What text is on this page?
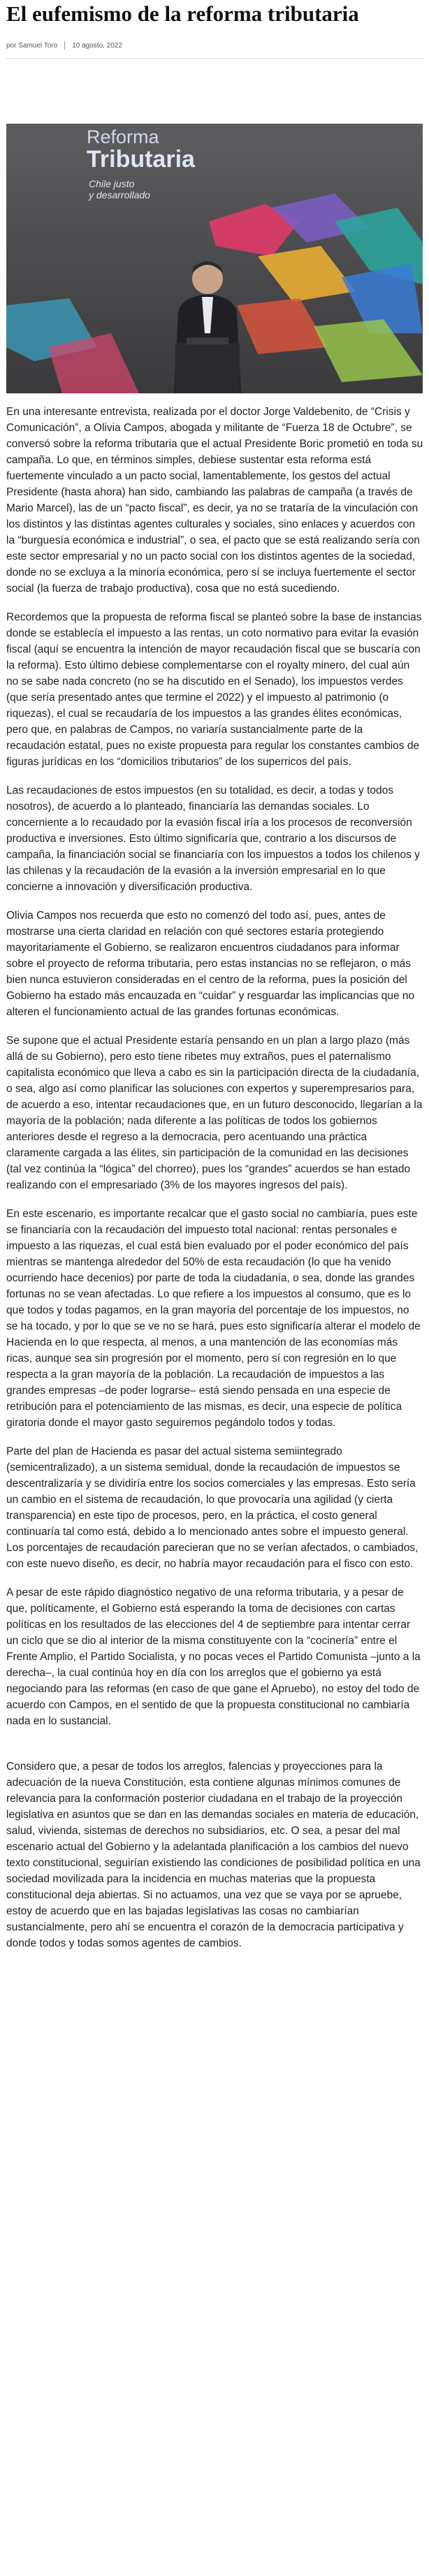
El eufemismo de la reforma tributaria
por Samuel Toro 10 agosto, 2022
Reforma
Tributaria
Chile justo
y desarrollado

En una interesante entrevista, realizada por el doctor Jorge Valdebenito, de “Crisis y Comunicación”, a Olivia Campos, abogada y militante de “Fuerza 18 de Octubre”, se conversó sobre la reforma tributaria que el actual Presidente Boric prometió en toda su campaña. Lo que, en términos simples, debiese sustentar esta reforma está fuertemente vinculado a un pacto social, lamentablemente, los gestos del actual Presidente (hasta ahora) han sido, cambiando las palabras de campaña (a través de Mario Marcel), las de un “pacto fiscal”, es decir, ya no se trataría de la vinculación con los distintos y las distintas agentes culturales y sociales, sino enlaces y acuerdos con la “burguesía económica e industrial”, o sea, el pacto que se está realizando sería con este sector empresarial y no un pacto social con los distintos agentes de la sociedad, donde no se excluya a la minoría económica, pero sí se incluya fuertemente el sector social (la fuerza de trabajo productiva), cosa que no está sucediendo.

Recordemos que la propuesta de reforma fiscal se planteó sobre la base de instancias donde se establecía el impuesto a las rentas, un coto normativo para evitar la evasión fiscal (aquí se encuentra la intención de mayor recaudación fiscal que se buscaría con la reforma). Esto último debiese complementarse con el royalty minero, del cual aún no se sabe nada concreto (no se ha discutido en el Senado), los impuestos verdes (que sería presentado antes que termine el 2022) y el impuesto al patrimonio (o riquezas), el cual se recaudaría de los impuestos a las grandes élites económicas, pero que, en palabras de Campos, no variaría sustancialmente parte de la recaudación estatal, pues no existe propuesta para regular los constantes cambios de figuras jurídicas en los “domicilios tributarios” de los superricos del país.

Las recaudaciones de estos impuestos (en su totalidad, es decir, a todas y todos nosotros), de acuerdo a lo planteado, financiaría las demandas sociales. Lo concerniente a lo recaudado por la evasión fiscal iría a los procesos de reconversión productiva e inversiones. Esto último significaría que, contrario a los discursos de campaña, la financiación social se financiaría con los impuestos a todos los chilenos y las chilenas y la recaudación de la evasión a la inversión empresarial en lo que concierne a innovación y diversificación productiva.

Olivia Campos nos recuerda que esto no comenzó del todo así, pues, antes de mostrarse una cierta claridad en relación con qué sectores estaría protegiendo mayoritariamente el Gobierno, se realizaron encuentros ciudadanos para informar sobre el proyecto de reforma tributaria, pero estas instancias no se reflejaron, o más bien nunca estuvieron consideradas en el centro de la reforma, pues la posición del Gobierno ha estado más encauzada en “cuidar” y resguardar las implicancias que no alteren el funcionamiento actual de las grandes fortunas económicas.

Se supone que el actual Presidente estaría pensando en un plan a largo plazo (más allá de su Gobierno), pero esto tiene ribetes muy extraños, pues el paternalismo capitalista económico que lleva a cabo es sin la participación directa de la ciudadanía, o sea, algo así como planificar las soluciones con expertos y superempresarios para, de acuerdo a eso, intentar recaudaciones que, en un futuro desconocido, llegarían a la mayoría de la población; nada diferente a las políticas de todos los gobiernos anteriores desde el regreso a la democracia, pero acentuando una práctica claramente cargada a las élites, sin participación de la comunidad en las decisiones (tal vez continúa la “lógica” del chorreo), pues los “grandes” acuerdos se han estado realizando con el empresariado (3% de los mayores ingresos del país).

En este escenario, es importante recalcar que el gasto social no cambiaría, pues este se financiaría con la recaudación del impuesto total nacional: rentas personales e impuesto a las riquezas, el cual está bien evaluado por el poder económico del país mientras se mantenga alrededor del 50% de esta recaudación (lo que ha venido ocurriendo hace decenios) por parte de toda la ciudadanía, o sea, donde las grandes fortunas no se vean afectadas. Lo que refiere a los impuestos al consumo, que es lo que todos y todas pagamos, en la gran mayoría del porcentaje de los impuestos, no se ha tocado, y por lo que se ve no se hará, pues esto significaría alterar el modelo de Hacienda en lo que respecta, al menos, a una mantención de las economías más ricas, aunque sea sin progresión por el momento, pero sí con regresión en lo que respecta a la gran mayoría de la población. La recaudación de impuestos a las grandes empresas –de poder lograrse– está siendo pensada en una especie de retribución para el potenciamiento de las mismas, es decir, una especie de política giratoria donde el mayor gasto seguiremos pegándolo todos y todas.

Parte del plan de Hacienda es pasar del actual sistema semiintegrado (semicentralizado), a un sistema semidual, donde la recaudación de impuestos se descentralizaría y se dividiría entre los socios comerciales y las empresas. Esto sería un cambio en el sistema de recaudación, lo que provocaría una agilidad (y cierta transparencia) en este tipo de procesos, pero, en la práctica, el costo general continuaría tal como está, debido a lo mencionado antes sobre el impuesto general. Los porcentajes de recaudación parecieran que no se verían afectados, o cambiados, con este nuevo diseño, es decir, no habría mayor recaudación para el fisco con esto.

A pesar de este rápido diagnóstico negativo de una reforma tributaria, y a pesar de que, políticamente, el Gobierno está esperando la toma de decisiones con cartas políticas en los resultados de las elecciones del 4 de septiembre para intentar cerrar un ciclo que se dio al interior de la misma constituyente con la “cocinería” entre el Frente Amplio, el Partido Socialista, y no pocas veces el Partido Comunista –junto a la derecha–, la cual continúa hoy en día con los arreglos que el gobierno ya está negociando para las reformas (en caso de que gane el Apruebo), no estoy del todo de acuerdo con Campos, en el sentido de que la propuesta constitucional no cambiaría nada en lo sustancial.

Considero que, a pesar de todos los arreglos, falencias y proyecciones para la adecuación de la nueva Constitución, esta contiene algunas mínimos comunes de relevancia para la conformación posterior ciudadana en el trabajo de la proyección legislativa en asuntos que se dan en las demandas sociales en materia de educación, salud, vivienda, sistemas de derechos no subsidiarios, etc. O sea, a pesar del mal escenario actual del Gobierno y la adelantada planificación a los cambios del nuevo texto constitucional, seguirían existiendo las condiciones de posibilidad política en una sociedad movilizada para la incidencia en muchas materias que la propuesta constitucional deja abiertas. Si no actuamos, una vez que se vaya por se apruebe, estoy de acuerdo que en las bajadas legislativas las cosas no cambiarían sustancialmente, pero ahí se encuentra el corazón de la democracia participativa y donde todos y todas somos agentes de cambios.
